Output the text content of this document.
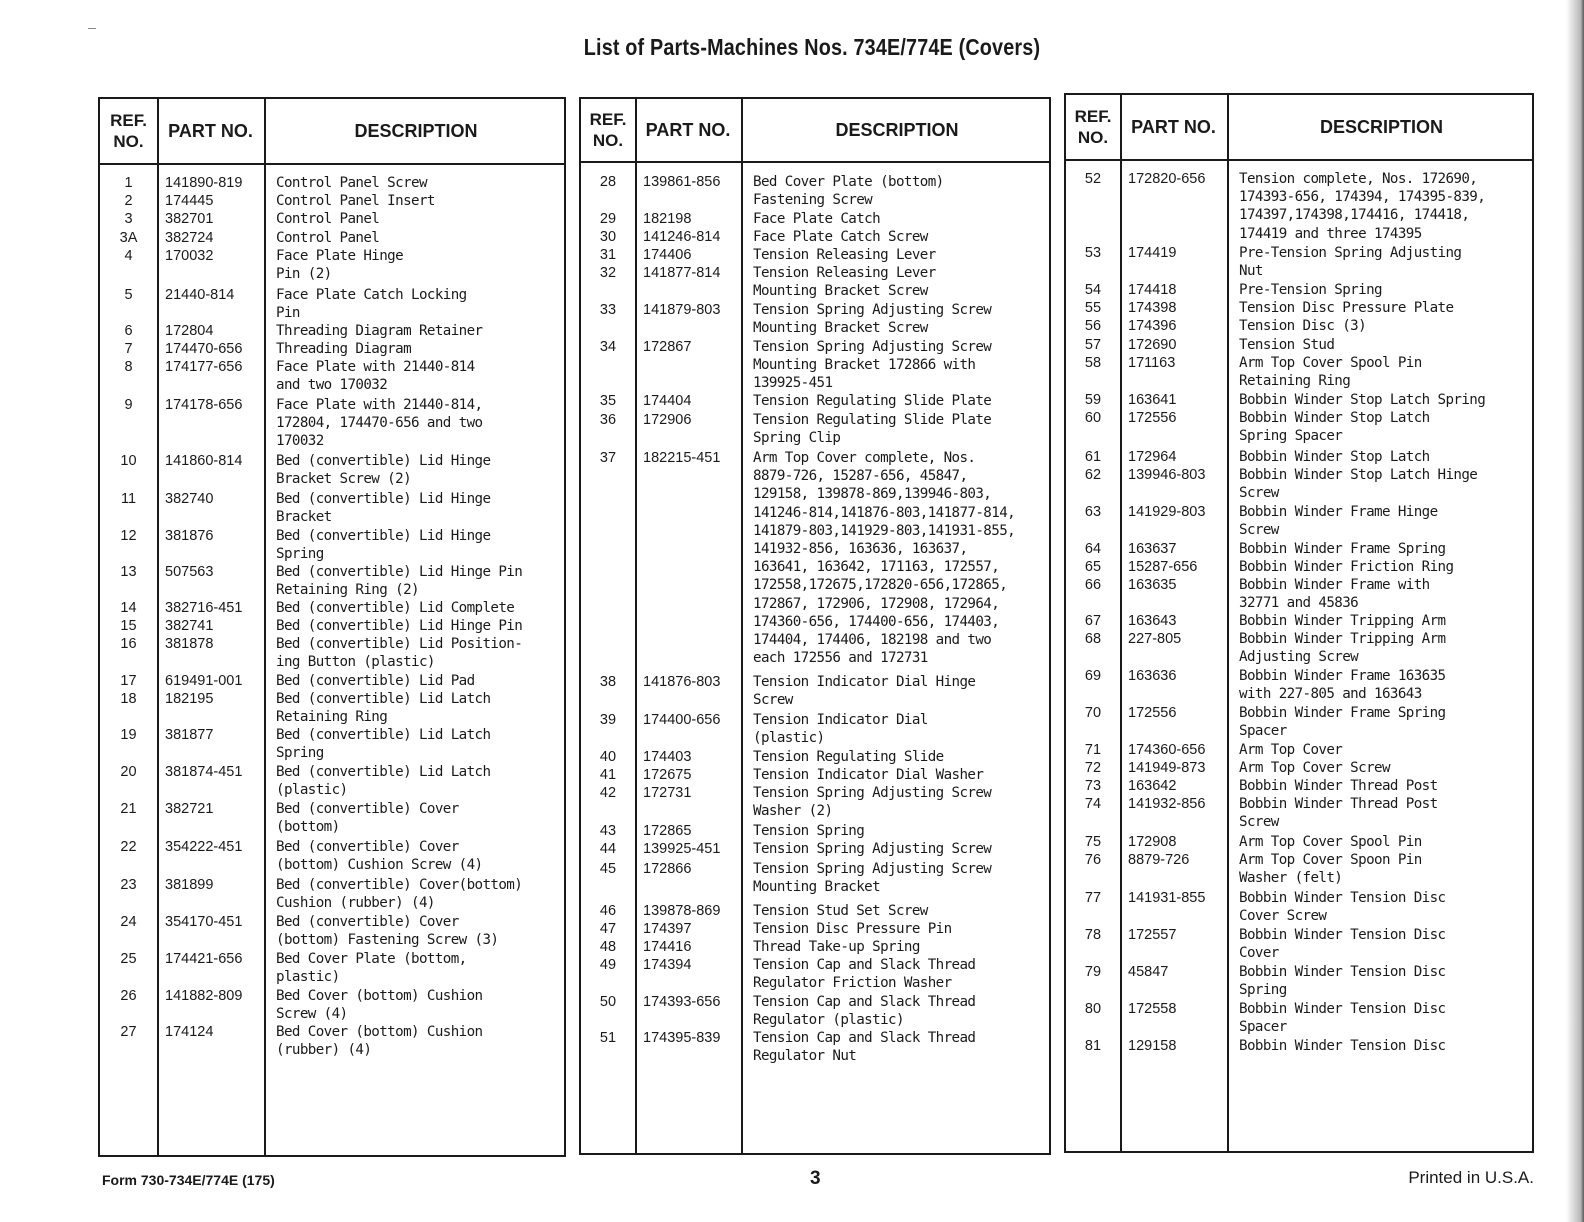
List of Parts-Machines Nos. 734E/774E (Covers)
REF.
NO.
PART NO.	DESCRIPTION
1	141890-819 Control Panel Screw
2	174445	Control Panel Insert
3	382701	Control Panel
3A	382724	Control Panel
4	170032	Face Plate Hinge
Pin (2)
5	21440-814	Face Plate Catch Locking
Pin
6	172804	Threading Diagram Retainer
7	174470-656 Threading Diagram
8	174177-656 Face Plate with 21440-814
and two 170032
9	174178-656 Face Plate with 21440-814,
172804, 174470-656 and two
170032
10	141860-814 Bed (convertible) Lid Hinge
Bracket Screw (2)
11	382740	Bed (convertible) Lid Hinge
Bracket
12	381876	Bed (convertible) Lid Hinge
Spring
13	507563	Bed (convertible) Lid Hinge Pin
Retaining Ring (2)
14	382716-451 Bed (convertible) Lid Complete
15	382741	Bed (convertible) Lid Hinge Pin
16	381878	Bed (convertible) Lid Position-
ing Button (plastic)
17	619491-001 Bed (convertible) Lid Pad
18	182195	Bed (convertible) Lid Latch
Retaining Ring
19	381877	Bed (convertible) Lid Latch
Spring
20	381874-451 Bed (convertible) Lid Latch
(plastic)
21	382721	Bed (convertible) Cover
(bottom)
22	354222-451 Bed (convertible) Cover
(bottom) Cushion Screw (4)
23	381899	Bed (convertible) Cover(bottom)
Cushion (rubber) (4)
24	354170-451 Bed (convertible) Cover
(bottom) Fastening Screw (3)
25	174421-656 Bed Cover Plate (bottom,
plastic)
26	141882-809 Bed Cover (bottom) Cushion
Screw (4)
27	174124	Bed Cover (bottom) Cushion
(rubber) (4)
REF.
NO.
PART NO.	DESCRIPTION
28	139861-856 Bed Cover Plate (bottom)
Fastening Screw
29	182198	Face Plate Catch
30	141246-814 Face Plate Catch Screw
31	174406	Tension Releasing Lever
32	141877-814 Tension Releasing Lever
Mounting Bracket Screw
33	141879-803 Tension Spring Adjusting Screw
Mounting Bracket Screw
34	172867	Tension Spring Adjusting Screw
Mounting Bracket 172866 with
139925-451
35	174404	Tension Regulating Slide Plate
36	172906	Tension Regulating Slide Plate
Spring Clip
37	182215-451 Arm Top Cover complete, Nos.
8879-726, 15287-656, 45847,
129158, 139878-869,139946-803,
141246-814,141876-803,141877-814,
141879-803,141929-803,141931-855,
141932-856, 163636, 163637,
163641, 163642, 171163, 172557,
172558,172675,172820-656,172865,
172867, 172906, 172908, 172964,
174360-656, 174400-656, 174403,
174404, 174406, 182198 and two
each 172556 and 172731
38	141876-803 Tension Indicator Dial Hinge
Screw
39	174400-656 Tension Indicator Dial
(plastic)
40	174403	Tension Regulating Slide
41	172675	Tension Indicator Dial Washer
42	172731	Tension Spring Adjusting Screw
Washer (2)
43	172865	Tension Spring
44	139925-451 Tension Spring Adjusting Screw
45	172866	Tension Spring Adjusting Screw
Mounting Bracket
46	139878-869 Tension Stud Set Screw
47	174397	Tension Disc Pressure Pin
48	174416	Thread Take-up Spring
49	174394	Tension Cap and Slack Thread
Regulator Friction Washer
50	174393-656 Tension Cap and Slack Thread
Regulator (plastic)
51	174395-839 Tension Cap and Slack Thread
Regulator Nut
REF.
NO.
PART NO.	DESCRIPTION
52	172820-656 Tension complete, Nos. 172690,
174393-656, 174394, 174395-839,
174397,174398,174416, 174418,
174419 and three 174395
53	174419	Pre-Tension Spring Adjusting
Nut
54	174418	Pre-Tension Spring
55	174398	Tension Disc Pressure Plate
56	174396	Tension Disc (3)
57	172690	Tension Stud
58	171163	Arm Top Cover Spool Pin
Retaining Ring
59	163641	Bobbin Winder Stop Latch Spring
60	172556	Bobbin Winder Stop Latch
Spring Spacer
61	172964	Bobbin Winder Stop Latch
62	139946-803 Bobbin Winder Stop Latch Hinge
Screw
63	141929-803 Bobbin Winder Frame Hinge
Screw
64	163637	Bobbin Winder Frame Spring
65	15287-656	Bobbin Winder Friction Ring
66	163635	Bobbin Winder Frame with
32771 and 45836
67	163643	Bobbin Winder Tripping Arm
68	227-805	Bobbin Winder Tripping Arm
Adjusting Screw
69	163636	Bobbin Winder Frame 163635
with 227-805 and 163643
70	172556	Bobbin Winder Frame Spring
Spacer
71	174360-656 Arm Top Cover
72	141949-873 Arm Top Cover Screw
73	163642	Bobbin Winder Thread Post
74	141932-856 Bobbin Winder Thread Post
Screw
75	172908	Arm Top Cover Spool Pin
76	8879-726	Arm Top Cover Spoon Pin
Washer (felt)
77	141931-855 Bobbin Winder Tension Disc
Cover Screw
78	172557	Bobbin Winder Tension Disc
Cover
79	45847	Bobbin Winder Tension Disc
Spring
80	172558	Bobbin Winder Tension Disc
Spacer
81	129158	Bobbin Winder Tension Disc
Form 730-734E/774E (175)	3	Printed in U.S.A.
